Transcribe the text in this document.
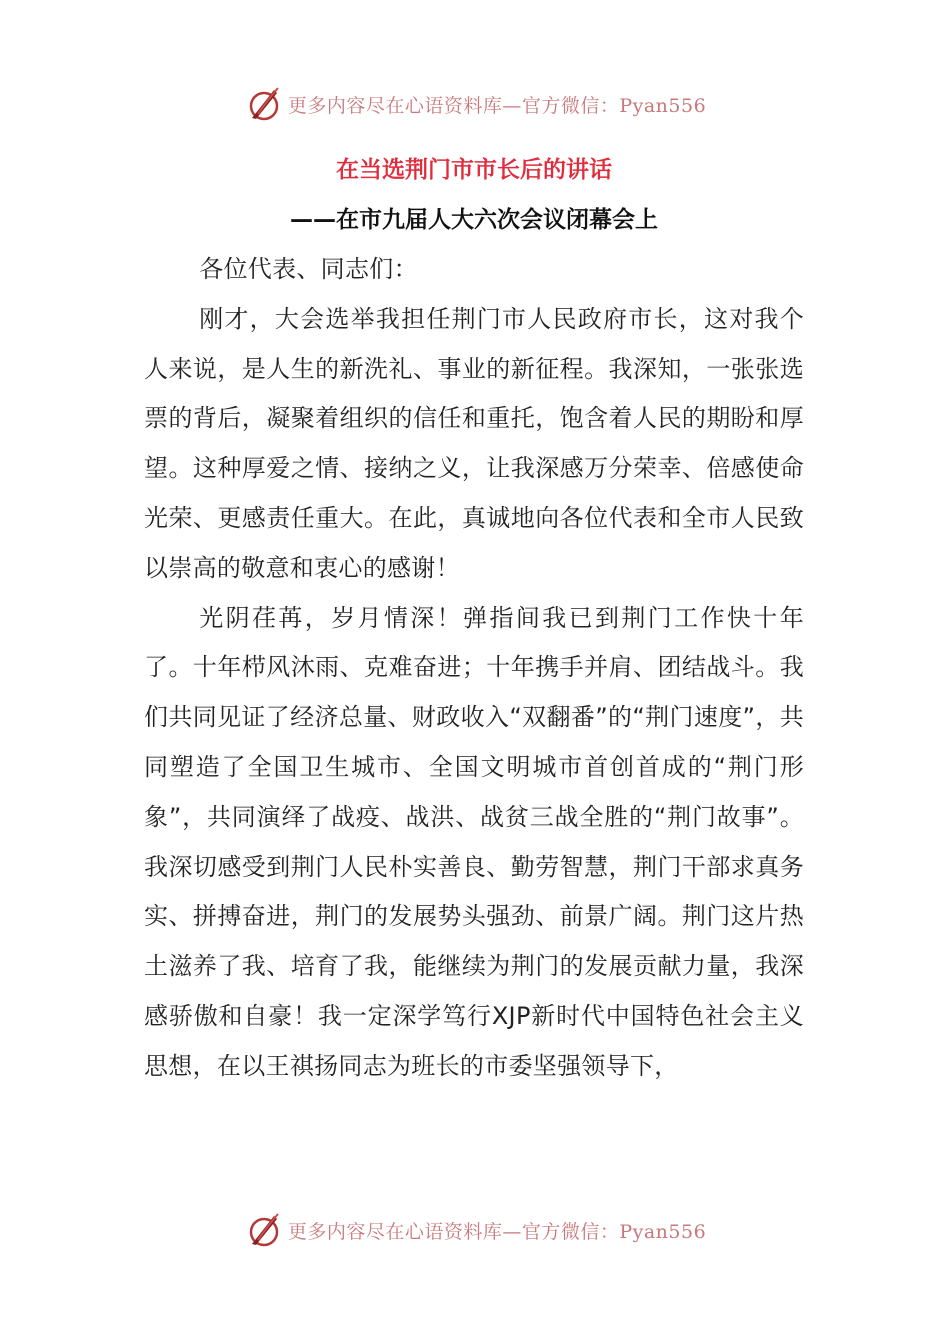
更多内容尽在心语资料库—官方微信：Pyan556

在当选荆门市市长后的讲话

——在市九届人大六次会议闭幕会上

各位代表、同志们：

刚才，大会选举我担任荆门市人民政府市长，这对我个人来说，是人生的新洗礼、事业的新征程。我深知，一张张选票的背后，凝聚着组织的信任和重托，饱含着人民的期盼和厚望。这种厚爱之情、接纳之义，让我深感万分荣幸、倍感使命光荣、更感责任重大。在此，真诚地向各位代表和全市人民致以崇高的敬意和衷心的感谢！

光阴荏苒，岁月情深！弹指间我已到荆门工作快十年了。十年栉风沐雨、克难奋进；十年携手并肩、团结战斗。我们共同见证了经济总量、财政收入“双翻番”的“荆门速度”，共同塑造了全国卫生城市、全国文明城市首创首成的“荆门形象”，共同演绎了战疫、战洪、战贫三战全胜的“荆门故事”。我深切感受到荆门人民朴实善良、勤劳智慧，荆门干部求真务实、拼搏奋进，荆门的发展势头强劲、前景广阔。荆门这片热土滋养了我、培育了我，能继续为荆门的发展贡献力量，我深感骄傲和自豪！我一定深学笃行XJP新时代中国特色社会主义思想，在以王祺扬同志为班长的市委坚强领导下，

更多内容尽在心语资料库—官方微信：Pyan556
